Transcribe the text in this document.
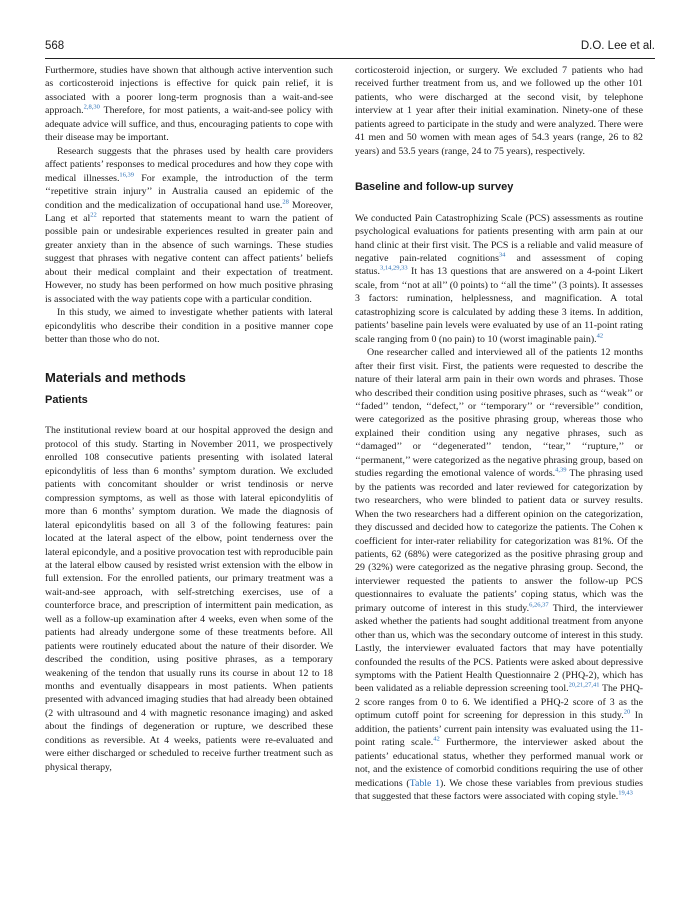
568	D.O. Lee et al.

Furthermore, studies have shown that although active intervention such as corticosteroid injections is effective for quick pain relief, it is associated with a poorer long-term prognosis than a wait-and-see approach.$^{2,8,30}$ Therefore, for most patients, a wait-and-see policy with adequate advice will suffice, and thus, encouraging patients to cope with their disease may be important.

Research suggests that the phrases used by health care providers affect patients’ responses to medical procedures and how they cope with medical illnesses.$^{16,39}$ For example, the introduction of the term ‘‘repetitive strain injury’’ in Australia caused an epidemic of the condition and the medicalization of occupational hand use.$^{28}$ Moreover, Lang et $al^{22}$ reported that statements meant to warn the patient of possible pain or undesirable experiences resulted in greater pain and greater anxiety than in the absence of such warnings. These studies suggest that phrases with negative content can affect patients’ beliefs about their medical complaint and their expectation of treatment. However, no study has been performed on how much positive phrasing is associated with the way patients cope with a particular condition.

In this study, we aimed to investigate whether patients with lateral epicondylitis who describe their condition in a positive manner cope better than those who do not.

Materials and methods
Patients

The institutional review board at our hospital approved the design and protocol of this study. Starting in November 2011, we prospectively enrolled 108 consecutive patients presenting with isolated lateral epicondylitis of less than 6 months’ symptom duration. We excluded patients with concomitant shoulder or wrist tendinosis or nerve compression symptoms, as well as those with lateral epicondylitis of more than 6 months’ symptom duration. We made the diagnosis of lateral epicondylitis based on all 3 of the following features: pain located at the lateral aspect of the elbow, point tenderness over the lateral epicondyle, and a positive provocation test with reproducible pain at the lateral elbow caused by resisted wrist extension with the elbow in full extension. For the enrolled patients, our primary treatment was a wait-and-see approach, with self-stretching exercises, use of a counterforce brace, and prescription of intermittent pain medication, as well as a follow-up examination after 4 weeks, even when some of the patients had already undergone some of these treatments before. All patients were routinely educated about the nature of their disorder. We described the condition, using positive phrases, as a temporary weakening of the tendon that usually runs its course in about 12 to 18 months and eventually disappears in most patients. When patients presented with advanced imaging studies that had already been obtained (2 with ultrasound and 4 with magnetic resonance imaging) and asked about the findings of degeneration or rupture, we described these conditions as reversible. At 4 weeks, patients were re-evaluated and were either discharged or scheduled to receive further treatment such as physical therapy,

corticosteroid injection, or surgery. We excluded 7 patients who had received further treatment from us, and we followed up the other 101 patients, who were discharged at the second visit, by telephone interview at 1 year after their initial examination. Ninety-one of these patients agreed to participate in the study and were analyzed. There were 41 men and 50 women with mean ages of 54.3 years (range, 26 to 82 years) and 53.5 years (range, 24 to 75 years), respectively.

Baseline and follow-up survey

We conducted Pain Catastrophizing Scale (PCS) assessments as routine psychological evaluations for patients presenting with arm pain at our hand clinic at their first visit. The PCS is a reliable and valid measure of negative pain-related cognitions$^{34}$ and assessment of coping status.$^{3,14,29,33}$ It has 13 questions that are answered on a 4-point Likert scale, from ‘‘not at all’’ (0 points) to ‘‘all the time’’ (3 points). It assesses 3 factors: rumination, helplessness, and magnification. A total catastrophizing score is calculated by adding these 3 items. In addition, patients’ baseline pain levels were evaluated by use of an 11-point rating scale ranging from 0 (no pain) to 10 (worst imaginable pain).$^{42}$

One researcher called and interviewed all of the patients 12 months after their first visit. First, the patients were requested to describe the nature of their lateral arm pain in their own words and phrases. Those who described their condition using positive phrases, such as ‘‘weak’’ or ‘‘faded’’ tendon, ‘‘defect,’’ or ‘‘temporary’’ or ‘‘reversible’’ condition, were categorized as the positive phrasing group, whereas those who explained their condition using any negative phrases, such as ‘‘damaged’’ or ‘‘degenerated’’ tendon, ‘‘tear,’’ ‘‘rupture,’’ or ‘‘permanent,’’ were categorized as the negative phrasing group, based on studies regarding the emotional valence of words.$^{4,39}$ The phrasing used by the patients was recorded and later reviewed for categorization by two researchers, who were blinded to patient data or survey results. When the two researchers had a different opinion on the categorization, they discussed and decided how to categorize the patients. The Cohen κ coefficient for inter-rater reliability for categorization was 81%. Of the patients, 62 (68%) were categorized as the positive phrasing group and 29 (32%) were categorized as the negative phrasing group. Second, the interviewer requested the patients to answer the follow-up PCS questionnaires to evaluate the patients’ coping status, which was the primary outcome of interest in this study.$^{6,26,37}$ Third, the interviewer asked whether the patients had sought additional treatment from anyone other than us, which was the secondary outcome of interest in this study. Lastly, the interviewer evaluated factors that may have potentially confounded the results of the PCS. Patients were asked about depressive symptoms with the Patient Health Questionnaire 2 (PHQ-2), which has been validated as a reliable depression screening tool.$^{20,21,27,41}$ The PHQ-2 score ranges from 0 to 6. We identified a PHQ-2 score of 3 as the optimum cutoff point for screening for depression in this study.$^{20}$ In addition, the patients’ current pain intensity was evaluated using the 11-point rating scale.$^{42}$ Furthermore, the interviewer asked about the patients’ educational status, whether they performed manual work or not, and the existence of comorbid conditions requiring the use of other medications (Table 1). We chose these variables from previous studies that suggested that these factors were associated with coping style.$^{19,43}$
